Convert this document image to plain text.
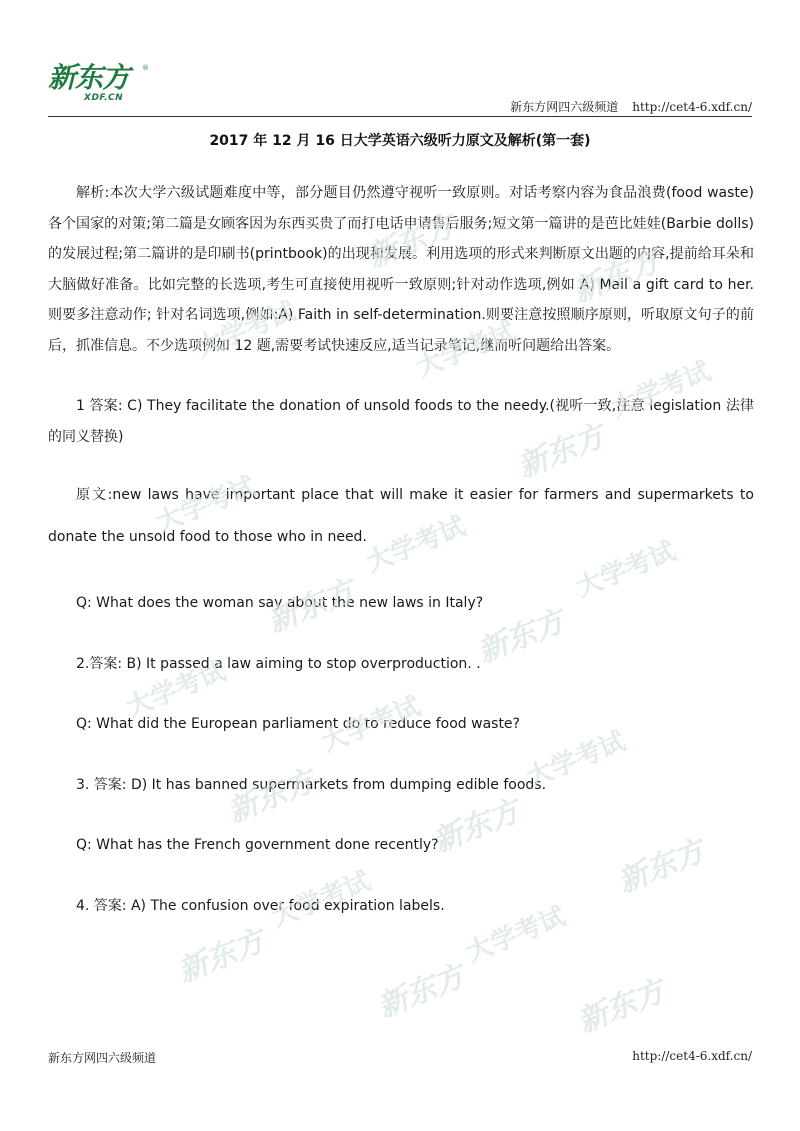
新东方 ®
XDF.CN
新东方网四六级频道 http://cet4-6.xdf.cn/
2017 年 12 月 16 日大学英语六级听力原文及解析(第一套)

解析:本次大学六级试题难度中等，部分题目仍然遵守视听一致原则。对话考察内容为食品浪费(food waste)各个国家的对策;第二篇是女顾客因为东西买贵了而打电话申请售后服务;短文第一篇讲的是芭比娃娃(Barbie dolls)的发展过程;第二篇讲的是印刷书(printbook)的出现和发展。利用选项的形式来判断原文出题的内容,提前给耳朵和大脑做好准备。比如完整的长选项,考生可直接使用视听一致原则;针对动作选项,例如 A) Mail a gift card to her.则要多注意动作; 针对名词选项,例如:A) Faith in self-determination.则要注意按照顺序原则，听取原文句子的前后，抓准信息。不少选项例如 12 题,需要考试快速反应,适当记录笔记,继而听问题给出答案。

1 答案: C) They facilitate the donation of unsold foods to the needy.(视听一致,注意 legislation 法律的同义替换)

原文:new laws have important place that will make it easier for farmers and supermarkets to donate the unsold food to those who in need.

Q: What does the woman say about the new laws in Italy?

2.答案: B) It passed a law aiming to stop overproduction. .

Q: What did the European parliament do to reduce food waste?

3. 答案: D) It has banned supermarkets from dumping edible foods.

Q: What has the French government done recently?

4. 答案: A) The confusion over food expiration labels.

新东方
大学考试	大学考试
新东方
大学考试
新东方
大学考试
大学考试	大学考试
新东方	新东方
大学考试
大学考试
大学考试
新东方	新东方
新东方
大学考试
大学考试
新东方
新东方	新东方
新东方网四六级频道	http://cet4-6.xdf.cn/
